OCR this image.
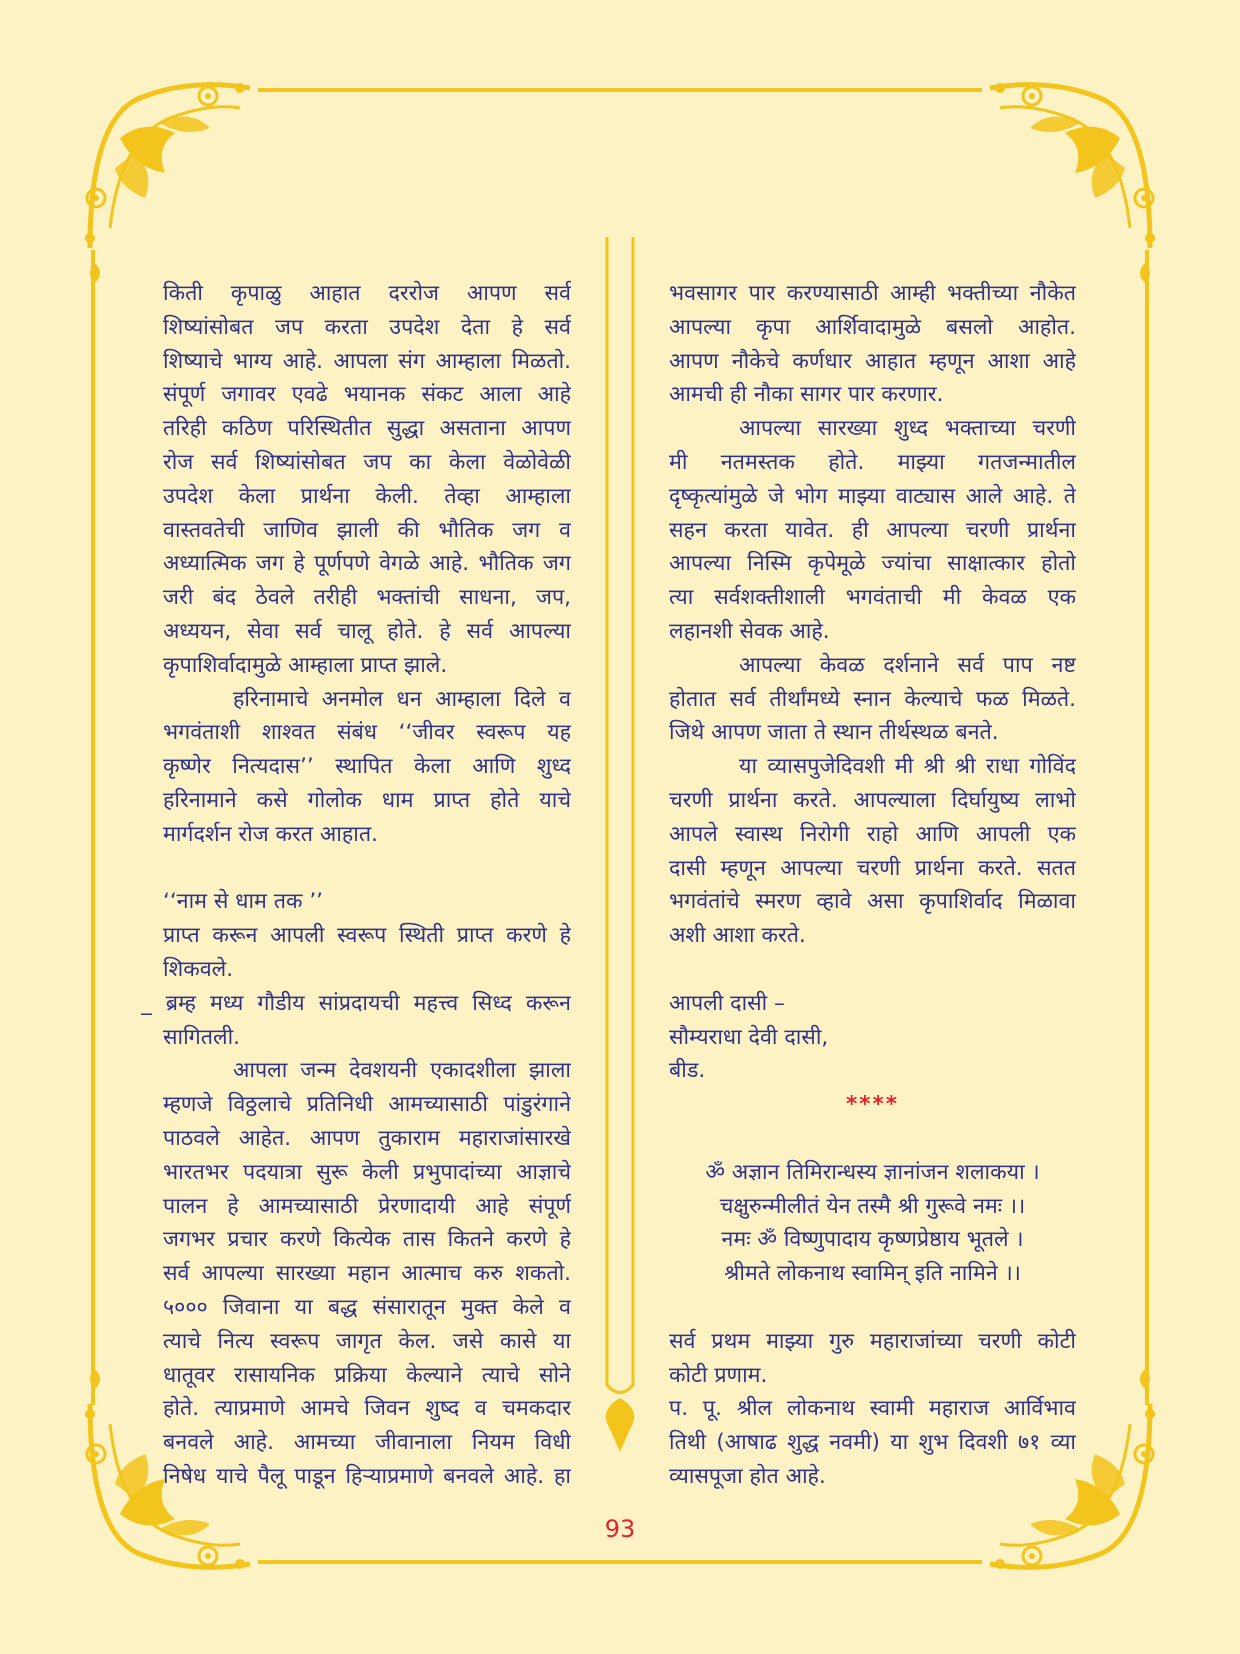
किती कृपाळु आहात दररोज आपण सर्व
शिष्यांसोबत जप करता उपदेश देता हे सर्व
शिष्याचे भाग्य आहे. आपला संग आम्हाला मिळतो.
संपूर्ण जगावर एवढे भयानक संकट आला आहे
तरिही कठिण परिस्थितीत सुद्धा असताना आपण
रोज सर्व शिष्यांसोबत जप का केला वेळोवेळी
उपदेश केला प्रार्थना केली. तेव्हा आम्हाला
वास्तवतेची जाणिव झाली की भौतिक जग व
अध्यात्मिक जग हे पूर्णपणे वेगळे आहे. भौतिक जग
जरी बंद ठेवले तरीही भक्तांची साधना, जप,
अध्ययन, सेवा सर्व चालू होते. हे सर्व आपल्या
कृपाशिर्वादामुळे आम्हाला प्राप्त झाले.
हरिनामाचे अनमोल धन आम्हाला दिले व
भगवंताशी शाश्वत संबंध ‘‘जीवर स्वरूप यह
कृष्णेर नित्यदास’’ स्थापित केला आणि शुध्द
हरिनामाने कसे गोलोक धाम प्राप्त होते याचे
मार्गदर्शन रोज करत आहात.
‘‘नाम से धाम तक ’’
प्राप्त करून आपली स्वरूप स्थिती प्राप्त करणे हे
शिकवले.
_ ब्रम्ह मध्य गौडीय सांप्रदायची महत्त्व सिध्द करून
सागितली.
आपला जन्म देवशयनी एकादशीला झाला
म्हणजे विठ्ठलाचे प्रतिनिधी आमच्यासाठी पांडुरंगाने
पाठवले आहेत. आपण तुकाराम महाराजांसारखे
भारतभर पदयात्रा सुरू केली प्रभुपादांच्या आज्ञाचे
पालन हे आमच्यासाठी प्रेरणादायी आहे संपूर्ण
जगभर प्रचार करणे कित्येक तास कितने करणे हे
सर्व आपल्या सारख्या महान आत्माच करु शकतो.
५००० जिवाना या बद्ध संसारातून मुक्त केले व
त्याचे नित्य स्वरूप जागृत केल. जसे कासे या
धातूवर रासायनिक प्रक्रिया केल्याने त्याचे सोने
होते. त्याप्रमाणे आमचे जिवन शुष्द व चमकदार
बनवले आहे. आमच्या जीवानाला नियम विधी
निषेध याचे पैलू पाडून हिऱ्याप्रमाणे बनवले आहे. हा
भवसागर पार करण्यासाठी आम्ही भक्तीच्या नौकेत
आपल्या कृपा आर्शिवादामुळे बसलो आहोत.
आपण नौकेचे कर्णधार आहात म्हणून आशा आहे
आमची ही नौका सागर पार करणार.
आपल्या सारख्या शुध्द भक्ताच्या चरणी
मी नतमस्तक होते. माझ्या गतजन्मातील
दृष्कृत्यांमुळे जे भोग माझ्या वाट्यास आले आहे. ते
सहन करता यावेत. ही आपल्या चरणी प्रार्थना
आपल्या निस्मि कृपेमूळे ज्यांचा साक्षात्कार होतो
त्या सर्वशक्तीशाली भगवंताची मी केवळ एक
लहानशी सेवक आहे.
आपल्या केवळ दर्शनाने सर्व पाप नष्ट
होतात सर्व तीर्थांमध्ये स्नान केल्याचे फळ मिळते.
जिथे आपण जाता ते स्थान तीर्थस्थळ बनते.
या व्यासपुजेदिवशी मी श्री श्री राधा गोविंद
चरणी प्रार्थना करते. आपल्याला दिर्घायुष्य लाभो
आपले स्वास्थ निरोगी राहो आणि आपली एक
दासी म्हणून आपल्या चरणी प्रार्थना करते. सतत
भगवंतांचे स्मरण व्हावे असा कृपाशिर्वाद मिळावा
अशी आशा करते.
आपली दासी –
सौम्यराधा देवी दासी,
बीड.
****
ॐ अज्ञान तिमिरान्धस्य ज्ञानांजन शलाकया ।
चक्षुरुन्मीलीतं येन तस्मै श्री गुरूवे नमः ।।
नमः ॐ विष्णुपादाय कृष्णप्रेष्ठाय भूतले ।
श्रीमते लोकनाथ स्वामिन् इति नामिने ।।
सर्व प्रथम माझ्या गुरु महाराजांच्या चरणी कोटी
कोटी प्रणाम.
प. पू. श्रील लोकनाथ स्वामी महाराज आर्विभाव
तिथी (आषाढ शुद्ध नवमी) या शुभ दिवशी ७१ व्या
व्यासपूजा होत आहे.
93
